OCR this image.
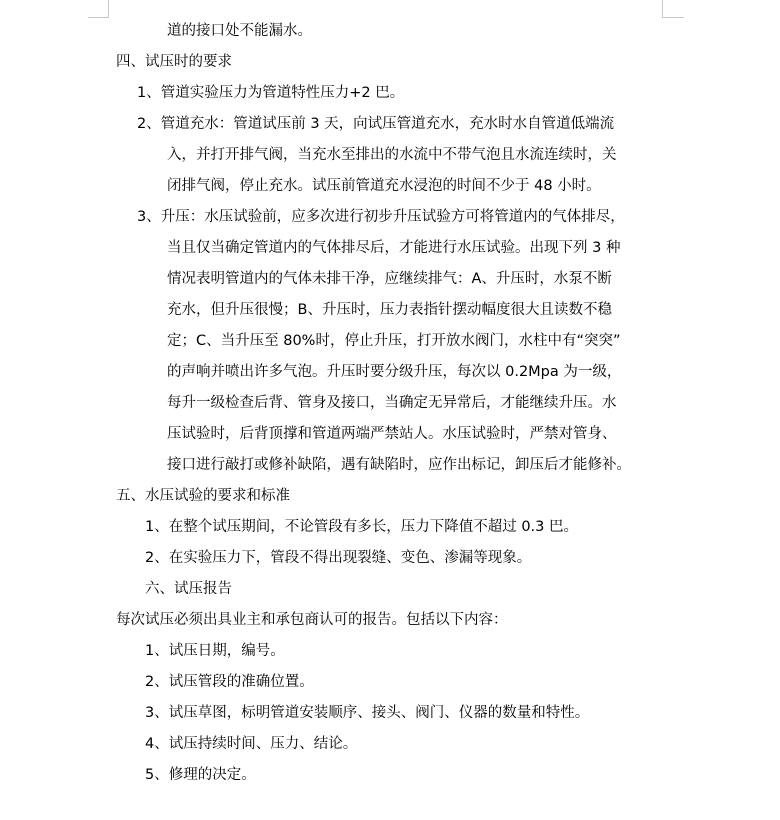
道的接口处不能漏水。
四、试压时的要求
1、管道实验压力为管道特性压力+2 巴。
2、管道充水：管道试压前 3 天，向试压管道充水，充水时水自管道低端流
入，并打开排气阀，当充水至排出的水流中不带气泡且水流连续时，关
闭排气阀，停止充水。试压前管道充水浸泡的时间不少于 48 小时。
3、升压：水压试验前，应多次进行初步升压试验方可将管道内的气体排尽，
当且仅当确定管道内的气体排尽后，才能进行水压试验。出现下列 3 种
情况表明管道内的气体未排干净，应继续排气：A、升压时，水泵不断
充水，但升压很慢；B、升压时，压力表指针摆动幅度很大且读数不稳
定；C、当升压至 80%时，停止升压，打开放水阀门，水柱中有“突突”
的声响并喷出许多气泡。升压时要分级升压，每次以 0.2Mpa 为一级，
每升一级检查后背、管身及接口，当确定无异常后，才能继续升压。水
压试验时，后背顶撑和管道两端严禁站人。水压试验时，严禁对管身、
接口进行敲打或修补缺陷，遇有缺陷时，应作出标记，卸压后才能修补。
五、水压试验的要求和标准
1、在整个试压期间，不论管段有多长，压力下降值不超过 0.3 巴。
2、在实验压力下，管段不得出现裂缝、变色、渗漏等现象。
六、试压报告
每次试压必须出具业主和承包商认可的报告。包括以下内容：
1、试压日期，编号。
2、试压管段的准确位置。
3、试压草图，标明管道安装顺序、接头、阀门、仪器的数量和特性。
4、试压持续时间、压力、结论。
5、修理的决定。
